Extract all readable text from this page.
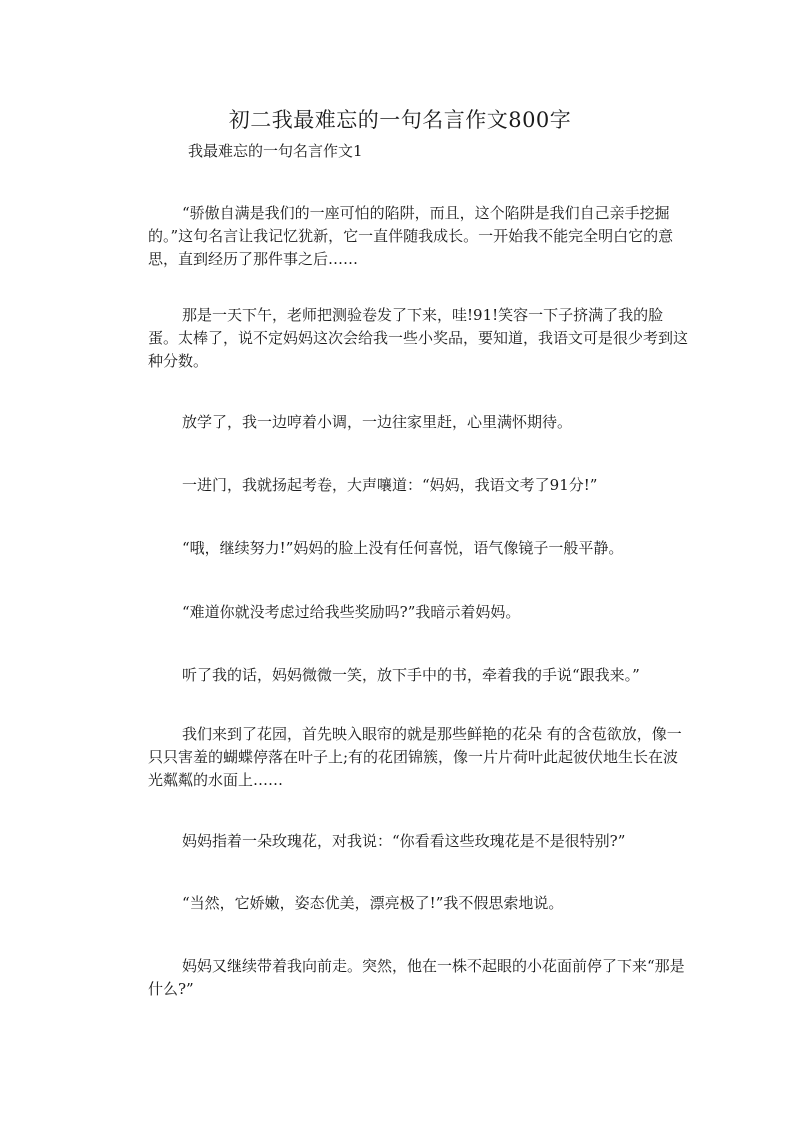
初二我最难忘的一句名言作文800字

我最难忘的一句名言作文1

“骄傲自满是我们的一座可怕的陷阱，而且，这个陷阱是我们自己亲手挖掘的。”这句名言让我记忆犹新，它一直伴随我成长。一开始我不能完全明白它的意思，直到经历了那件事之后……

那是一天下午，老师把测验卷发了下来，哇!91!笑容一下子挤满了我的脸蛋。太棒了，说不定妈妈这次会给我一些小奖品，要知道，我语文可是很少考到这种分数。

放学了，我一边哼着小调，一边往家里赶，心里满怀期待。

一进门，我就扬起考卷，大声嚷道：“妈妈，我语文考了91分!”

“哦，继续努力!”妈妈的脸上没有任何喜悦，语气像镜子一般平静。

“难道你就没考虑过给我些奖励吗?”我暗示着妈妈。

听了我的话，妈妈微微一笑，放下手中的书，牵着我的手说“跟我来。”

我们来到了花园，首先映入眼帘的就是那些鲜艳的花朵 有的含苞欲放，像一只只害羞的蝴蝶停落在叶子上;有的花团锦簇，像一片片荷叶此起彼伏地生长在波光粼粼的水面上……

妈妈指着一朵玫瑰花，对我说：“你看看这些玫瑰花是不是很特别?”

“当然，它娇嫩，姿态优美，漂亮极了!”我不假思索地说。

妈妈又继续带着我向前走。突然，他在一株不起眼的小花面前停了下来“那是什么?”
